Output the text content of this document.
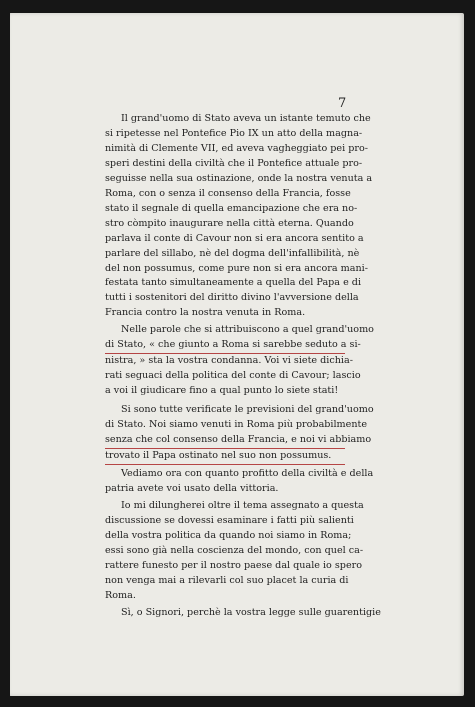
7
Il grand'uomo di Stato aveva un istante temuto che
si ripetesse nel Pontefice Pio IX un atto della magna-
nimità di Clemente VII, ed aveva vagheggiato pei pro-
speri destini della civiltà che il Pontefice attuale pro-
seguisse nella sua ostinazione, onde la nostra venuta a
Roma, con o senza il consenso della Francia, fosse
stato il segnale di quella emancipazione che era no-
stro còmpito inaugurare nella città eterna. Quando
parlava il conte di Cavour non si era ancora sentito a
parlare del sillabo, nè del dogma dell'infallibilità, nè
del non possumus, come pure non si era ancora mani-
festata tanto simultaneamente a quella del Papa e di
tutti i sostenitori del diritto divino l'avversione della
Francia contro la nostra venuta in Roma.
Nelle parole che si attribuiscono a quel grand'uomo
di Stato, « che giunto a Roma si sarebbe seduto a si-
nistra, » sta la vostra condanna. Voi vi siete dichia-
rati seguaci della politica del conte di Cavour; lascio
a voi il giudicare fino a qual punto lo siete stati!
Si sono tutte verificate le previsioni del grand'uomo
di Stato. Noi siamo venuti in Roma più probabilmente
senza che col consenso della Francia, e noi vi abbiamo
trovato il Papa ostinato nel suo non possumus.
Vediamo ora con quanto profitto della civiltà e della
patria avete voi usato della vittoria.
Io mi dilungherei oltre il tema assegnato a questa
discussione se dovessi esaminare i fatti più salienti
della vostra politica da quando noi siamo in Roma;
essi sono già nella coscienza del mondo, con quel ca-
rattere funesto per il nostro paese dal quale io spero
non venga mai a rilevarli col suo placet la curia di
Roma.
Sì, o Signori, perchè la vostra legge sulle guarentigie
